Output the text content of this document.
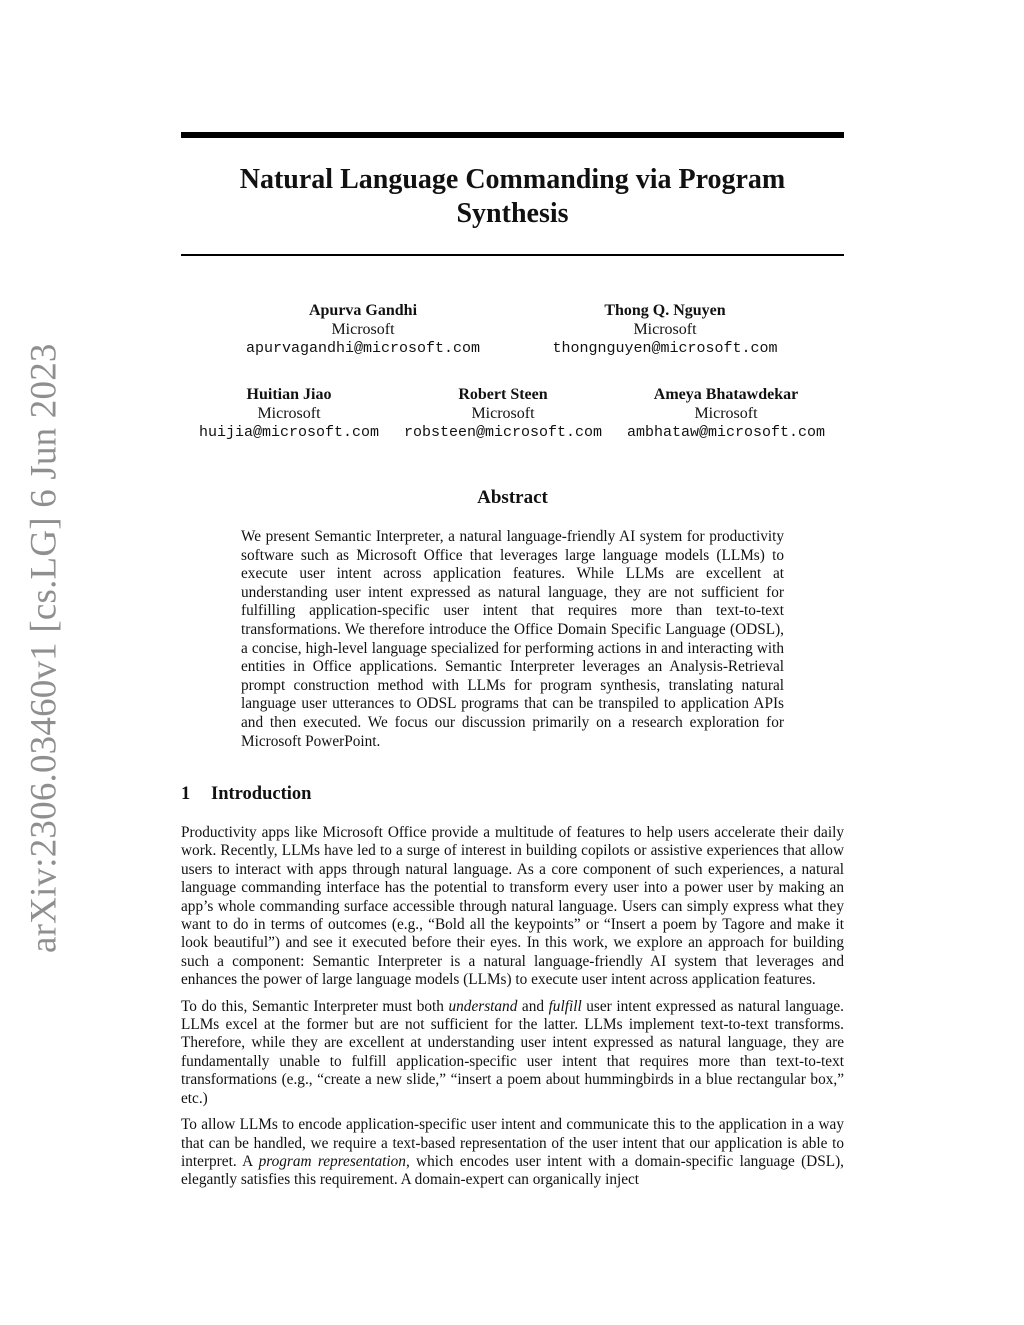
arXiv:2306.03460v1 [cs.LG] 6 Jun 2023
Natural Language Commanding via Program Synthesis
Apurva Gandhi
Microsoft
apurvagandhi@microsoft.com
Thong Q. Nguyen
Microsoft
thongnguyen@microsoft.com
Huitian Jiao
Microsoft
huijia@microsoft.com
Robert Steen
Microsoft
robsteen@microsoft.com
Ameya Bhatawdekar
Microsoft
ambhataw@microsoft.com
Abstract

We present Semantic Interpreter, a natural language-friendly AI system for productivity software such as Microsoft Office that leverages large language models (LLMs) to execute user intent across application features. While LLMs are excellent at understanding user intent expressed as natural language, they are not sufficient for fulfilling application-specific user intent that requires more than text-to-text transformations. We therefore introduce the Office Domain Specific Language (ODSL), a concise, high-level language specialized for performing actions in and interacting with entities in Office applications. Semantic Interpreter leverages an Analysis-Retrieval prompt construction method with LLMs for program synthesis, translating natural language user utterances to ODSL programs that can be transpiled to application APIs and then executed. We focus our discussion primarily on a research exploration for Microsoft PowerPoint.

1 Introduction

Productivity apps like Microsoft Office provide a multitude of features to help users accelerate their daily work. Recently, LLMs have led to a surge of interest in building copilots or assistive experiences that allow users to interact with apps through natural language. As a core component of such experiences, a natural language commanding interface has the potential to transform every user into a power user by making an app’s whole commanding surface accessible through natural language. Users can simply express what they want to do in terms of outcomes (e.g., “Bold all the keypoints” or “Insert a poem by Tagore and make it look beautiful”) and see it executed before their eyes. In this work, we explore an approach for building such a component: Semantic Interpreter is a natural language-friendly AI system that leverages and enhances the power of large language models (LLMs) to execute user intent across application features.

To do this, Semantic Interpreter must both understand and fulfill user intent expressed as natural language. LLMs excel at the former but are not sufficient for the latter. LLMs implement text-to-text transforms. Therefore, while they are excellent at understanding user intent expressed as natural language, they are fundamentally unable to fulfill application-specific user intent that requires more than text-to-text transformations (e.g., “create a new slide,” “insert a poem about hummingbirds in a blue rectangular box,” etc.)

To allow LLMs to encode application-specific user intent and communicate this to the application in a way that can be handled, we require a text-based representation of the user intent that our application is able to interpret. A program representation, which encodes user intent with a domain-specific language (DSL), elegantly satisfies this requirement. A domain-expert can organically inject
